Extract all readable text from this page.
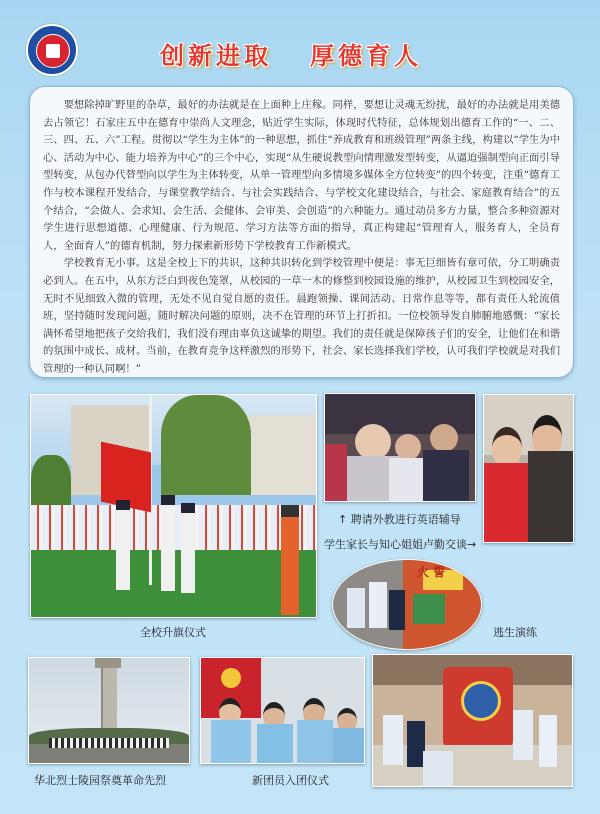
创新进取 厚德育人

要想除掉旷野里的杂草，最好的办法就是在上面种上庄稼。同样，要想让灵魂无纷扰，最好的办法就是用美德去占领它！石家庄五中在德育中崇尚人文理念，贴近学生实际，体现时代特征，总体规划出德育工作的“一、二、三、四、五、六”工程。贯彻以“学生为主体”的一种思想，抓住“养成教育和班级管理”两条主线，构建以“学生为中心、活动为中心、能力培养为中心”的三个中心，实现“从生硬说教型向情理激发型转变，从逼迫强制型向正面引导型转变，从包办代替型向以学生为主体转变，从单一管理型向多情境多媒体全方位转变”的四个转变，注重“德育工作与校本课程开发结合，与课堂教学结合、与社会实践结合、与学校文化建设结合，与社会、家庭教育结合”的五个结合，“会做人、会求知、会生活、会健体、会审美、会创造”的六种能力。通过动员多方力量，整合多种资源对学生进行思想道德、心理健康、行为规范、学习方法等方面的指导，真正构建起“管理育人，服务育人，全员育人，全面育人”的德育机制，努力探索新形势下学校教育工作新模式。

学校教育无小事。这是全校上下的共识，这种共识转化到学校管理中便是：事无巨细皆有章可依，分工明确责必到人。在五中，从东方泛白到夜色笼罩，从校园的一草一木的修整到校园设施的维护，从校园卫生到校园安全，无时不见细致入微的管理，无处不见自觉自愿的责任。晨跑领操、课间活动、日常作息等等，都有责任人轮流值班，坚持随时发现问题，随时解决问题的原则，决不在管理的环节上打折扣。一位校领导发自肺腑地感慨：“家长满怀希望地把孩子交给我们，我们没有理由辜负这诚挚的期望。我们的责任就是保障孩子们的安全，让他们在和谐的氛围中成长、成材。当前，在教育竞争这样激烈的形势下，社会、家长选择我们学校，认可我们学校就是对我们管理的一种认同啊！”

全校升旗仪式
↑ 聘请外教进行英语辅导
学生家长与知心姐姐卢勤交谈→
火 誓
逃生演练
华北烈士陵园祭奠革命先烈	新团员入团仪式
